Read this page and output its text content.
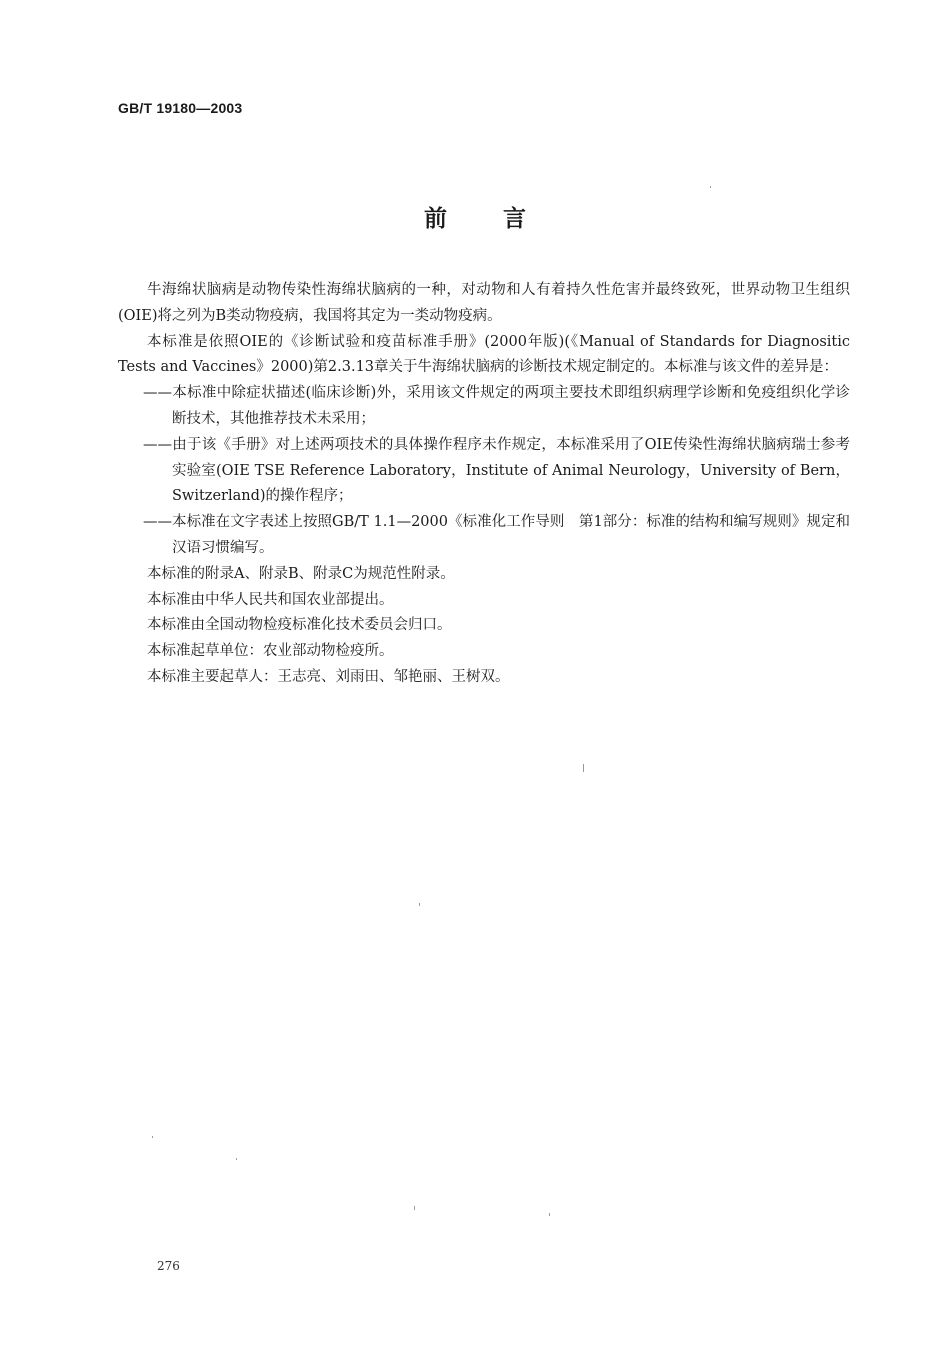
GB/T 19180—2003
前言

牛海绵状脑病是动物传染性海绵状脑病的一种，对动物和人有着持久性危害并最终致死，世界动物卫生组织(OIE)将之列为B类动物疫病，我国将其定为一类动物疫病。

本标准是依照OIE的《诊断试验和疫苗标准手册》(2000年版)(《Manual of Standards for Diagnositic Tests and Vaccines》2000)第2.3.13章关于牛海绵状脑病的诊断技术规定制定的。本标准与该文件的差异是：

——本标准中除症状描述(临床诊断)外，采用该文件规定的两项主要技术即组织病理学诊断和免疫组织化学诊断技术，其他推荐技术未采用；

——由于该《手册》对上述两项技术的具体操作程序未作规定，本标准采用了OIE传染性海绵状脑病瑞士参考实验室(OIE TSE Reference Laboratory，Institute of Animal Neurology，University of Bern，Switzerland)的操作程序；

——本标准在文字表述上按照GB/T 1.1—2000《标准化工作导则　第1部分：标准的结构和编写规则》规定和汉语习惯编写。

本标准的附录A、附录B、附录C为规范性附录。

本标准由中华人民共和国农业部提出。

本标准由全国动物检疫标准化技术委员会归口。

本标准起草单位：农业部动物检疫所。

本标准主要起草人：王志亮、刘雨田、邹艳丽、王树双。

276
